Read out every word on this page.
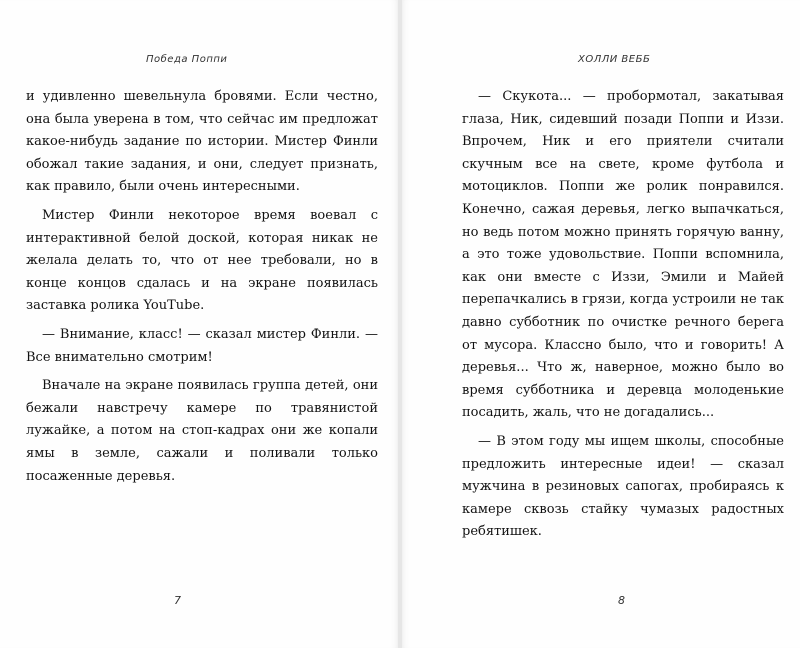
Победа Поппи

и удивленно шевельнула бровями. Если честно, она была уверена в том, что сейчас им предложат какое-нибудь задание по истории. Мистер Финли обожал такие задания, и они, следует признать, как правило, были очень интересными.

Мистер Финли некоторое время воевал с интерактивной белой доской, которая никак не желала делать то, что от нее требовали, но в конце концов сдалась и на экране появилась заставка ролика YouTube.

— Внимание, класс! — сказал мистер Финли. — Все внимательно смотрим!

Вначале на экране появилась группа детей, они бежали навстречу камере по травянистой лужайке, а потом на стоп-кадрах они же копали ямы в земле, сажали и поливали только посаженные деревья.

7
ХОЛЛИ ВЕББ

— Скукота... — пробормотал, закатывая глаза, Ник, сидевший позади Поппи и Иззи. Впрочем, Ник и его приятели считали скучным все на свете, кроме футбола и мотоциклов. Поппи же ролик понравился. Конечно, сажая деревья, легко выпачкаться, но ведь потом можно принять горячую ванну, а это тоже удовольствие. Поппи вспомнила, как они вместе с Иззи, Эмили и Майей перепачкались в грязи, когда устроили не так давно субботник по очистке речного берега от мусора. Классно было, что и говорить! А деревья... Что ж, наверное, можно было во время субботника и деревца молоденькие посадить, жаль, что не догадались...

— В этом году мы ищем школы, способные предложить интересные идеи! — сказал мужчина в резиновых сапогах, пробираясь к камере сквозь стайку чумазых радостных ребятишек.

8
